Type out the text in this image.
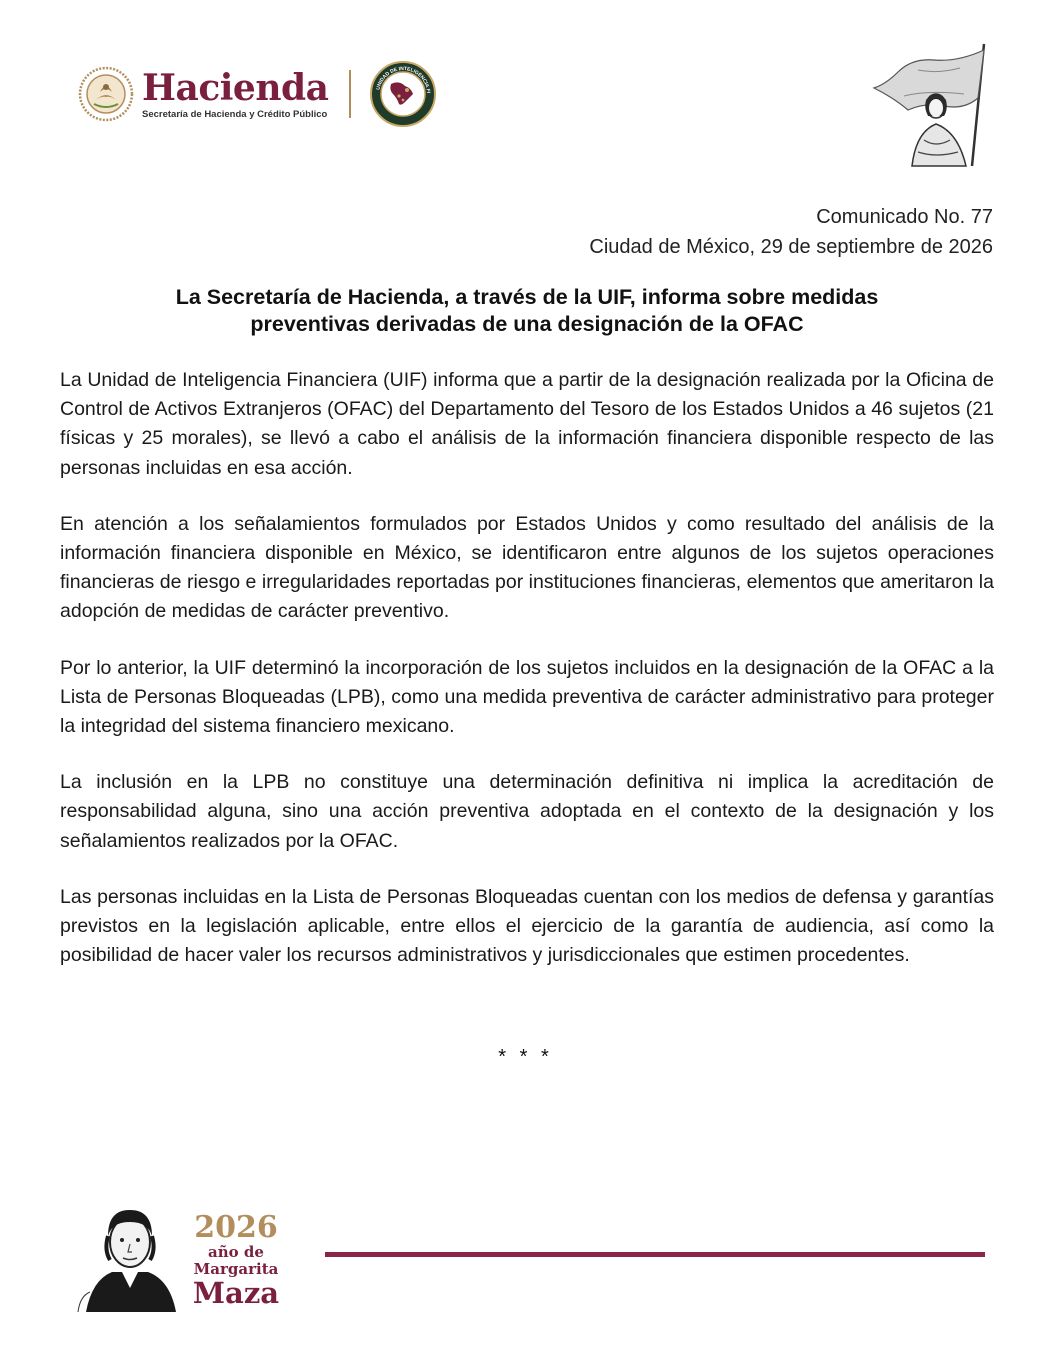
Hacienda
Secretaría de Hacienda y Crédito Público
UNIDAD DE INTELIGENCIA FI
Comunicado No. 77
Ciudad de México, 29 de septiembre de 2026
La Secretaría de Hacienda, a través de la UIF, informa sobre medidas
preventivas derivadas de una designación de la OFAC

La Unidad de Inteligencia Financiera (UIF) informa que a partir de la designación realizada por la Oficina de Control de Activos Extranjeros (OFAC) del Departamento del Tesoro de los Estados Unidos a 46 sujetos (21 físicas y 25 morales), se llevó a cabo el análisis de la información financiera disponible respecto de las personas incluidas en esa acción.

En atención a los señalamientos formulados por Estados Unidos y como resultado del análisis de la información financiera disponible en México, se identificaron entre algunos de los sujetos operaciones financieras de riesgo e irregularidades reportadas por instituciones financieras, elementos que ameritaron la adopción de medidas de carácter preventivo.

Por lo anterior, la UIF determinó la incorporación de los sujetos incluidos en la designación de la OFAC a la Lista de Personas Bloqueadas (LPB), como una medida preventiva de carácter administrativo para proteger la integridad del sistema financiero mexicano.

La inclusión en la LPB no constituye una determinación definitiva ni implica la acreditación de responsabilidad alguna, sino una acción preventiva adoptada en el contexto de la designación y los señalamientos realizados por la OFAC.

Las personas incluidas en la Lista de Personas Bloqueadas cuentan con los medios de defensa y garantías previstos en la legislación aplicable, entre ellos el ejercicio de la garantía de audiencia, así como la posibilidad de hacer valer los recursos administrativos y jurisdiccionales que estimen procedentes.

* * *
2026
año de
Margarita
Maza
